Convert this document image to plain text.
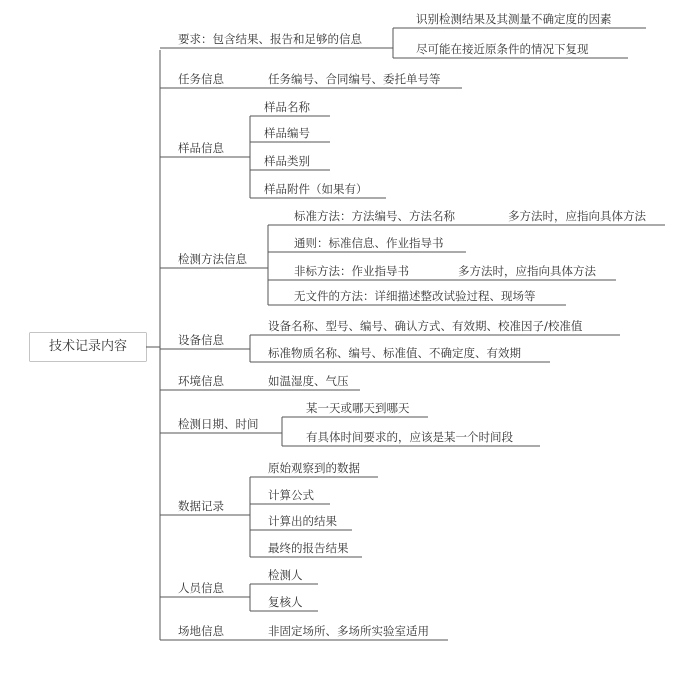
技术记录内容
要求：包含结果、报告和足够的信息
任务信息
样品信息
检测方法信息
设备信息
环境信息
检测日期、时间
数据记录
人员信息
场地信息
识别检测结果及其测量不确定度的因素
尽可能在接近原条件的情况下复现
任务编号、合同编号、委托单号等
样品名称
样品编号
样品类别
样品附件（如果有）
标准方法：方法编号、方法名称	多方法时，应指向具体方法
通则：标准信息、作业指导书
非标方法：作业指导书	多方法时，应指向具体方法
无文件的方法：详细描述整改试验过程、现场等
设备名称、型号、编号、确认方式、有效期、校准因子/校准值
标准物质名称、编号、标准值、不确定度、有效期
如温湿度、气压
某一天或哪天到哪天
有具体时间要求的，应该是某一个时间段
原始观察到的数据
计算公式
计算出的结果
最终的报告结果
检测人
复核人
非固定场所、多场所实验室适用
